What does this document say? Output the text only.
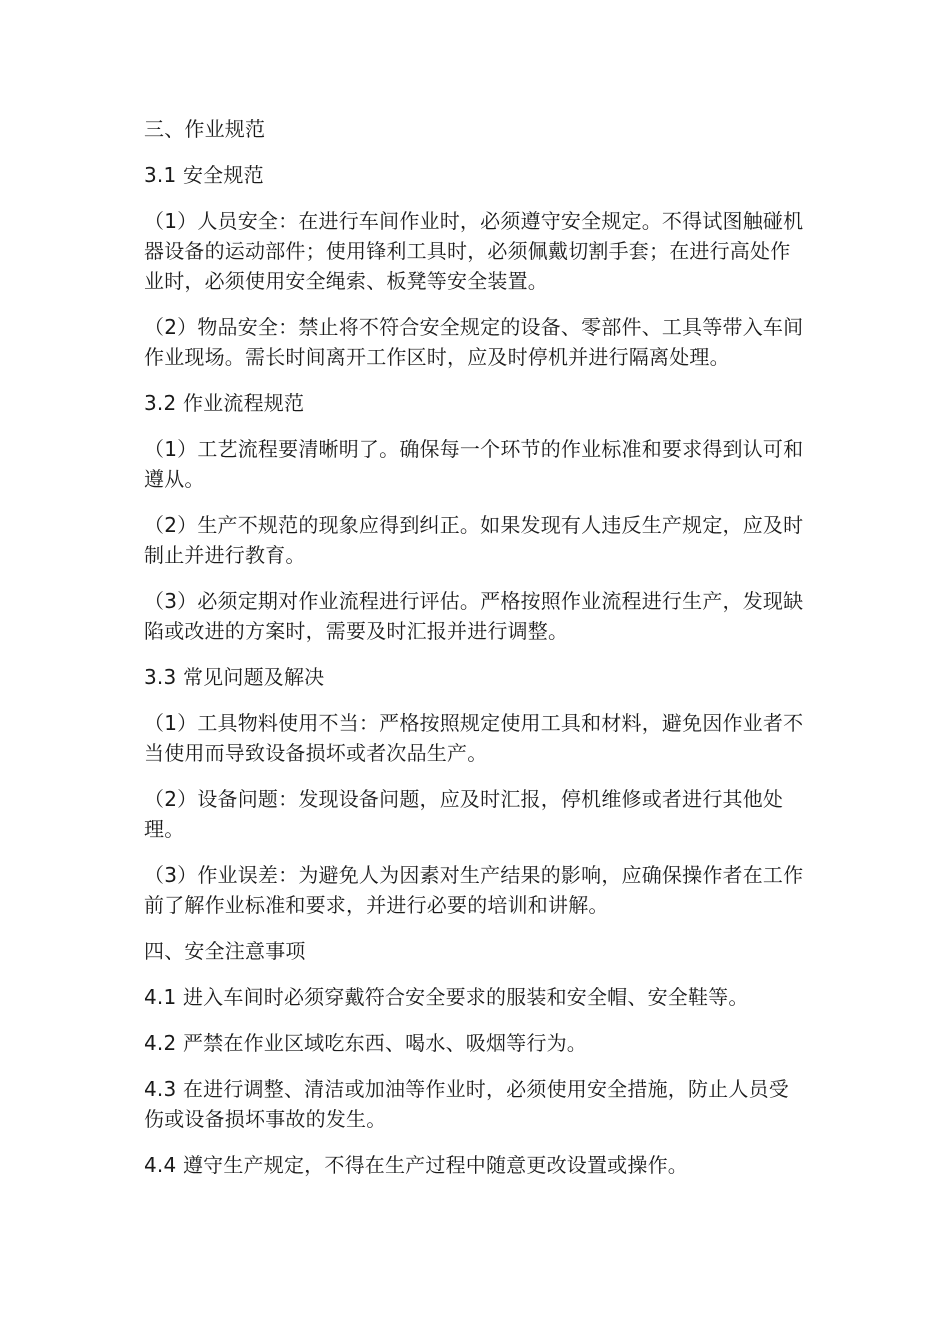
三、作业规范

3.1 安全规范

（1）人员安全：在进行车间作业时，必须遵守安全规定。不得试图触碰机器设备的运动部件；使用锋利工具时，必须佩戴切割手套；在进行高处作业时，必须使用安全绳索、板凳等安全装置。

（2）物品安全：禁止将不符合安全规定的设备、零部件、工具等带入车间作业现场。需长时间离开工作区时，应及时停机并进行隔离处理。

3.2 作业流程规范

（1）工艺流程要清晰明了。确保每一个环节的作业标准和要求得到认可和遵从。

（2）生产不规范的现象应得到纠正。如果发现有人违反生产规定，应及时制止并进行教育。

（3）必须定期对作业流程进行评估。严格按照作业流程进行生产，发现缺陷或改进的方案时，需要及时汇报并进行调整。

3.3 常见问题及解决

（1）工具物料使用不当：严格按照规定使用工具和材料，避免因作业者不当使用而导致设备损坏或者次品生产。

（2）设备问题：发现设备问题，应及时汇报，停机维修或者进行其他处理。

（3）作业误差：为避免人为因素对生产结果的影响，应确保操作者在工作前了解作业标准和要求，并进行必要的培训和讲解。

四、安全注意事项

4.1 进入车间时必须穿戴符合安全要求的服装和安全帽、安全鞋等。

4.2 严禁在作业区域吃东西、喝水、吸烟等行为。

4.3 在进行调整、清洁或加油等作业时，必须使用安全措施，防止人员受伤或设备损坏事故的发生。

4.4 遵守生产规定，不得在生产过程中随意更改设置或操作。
